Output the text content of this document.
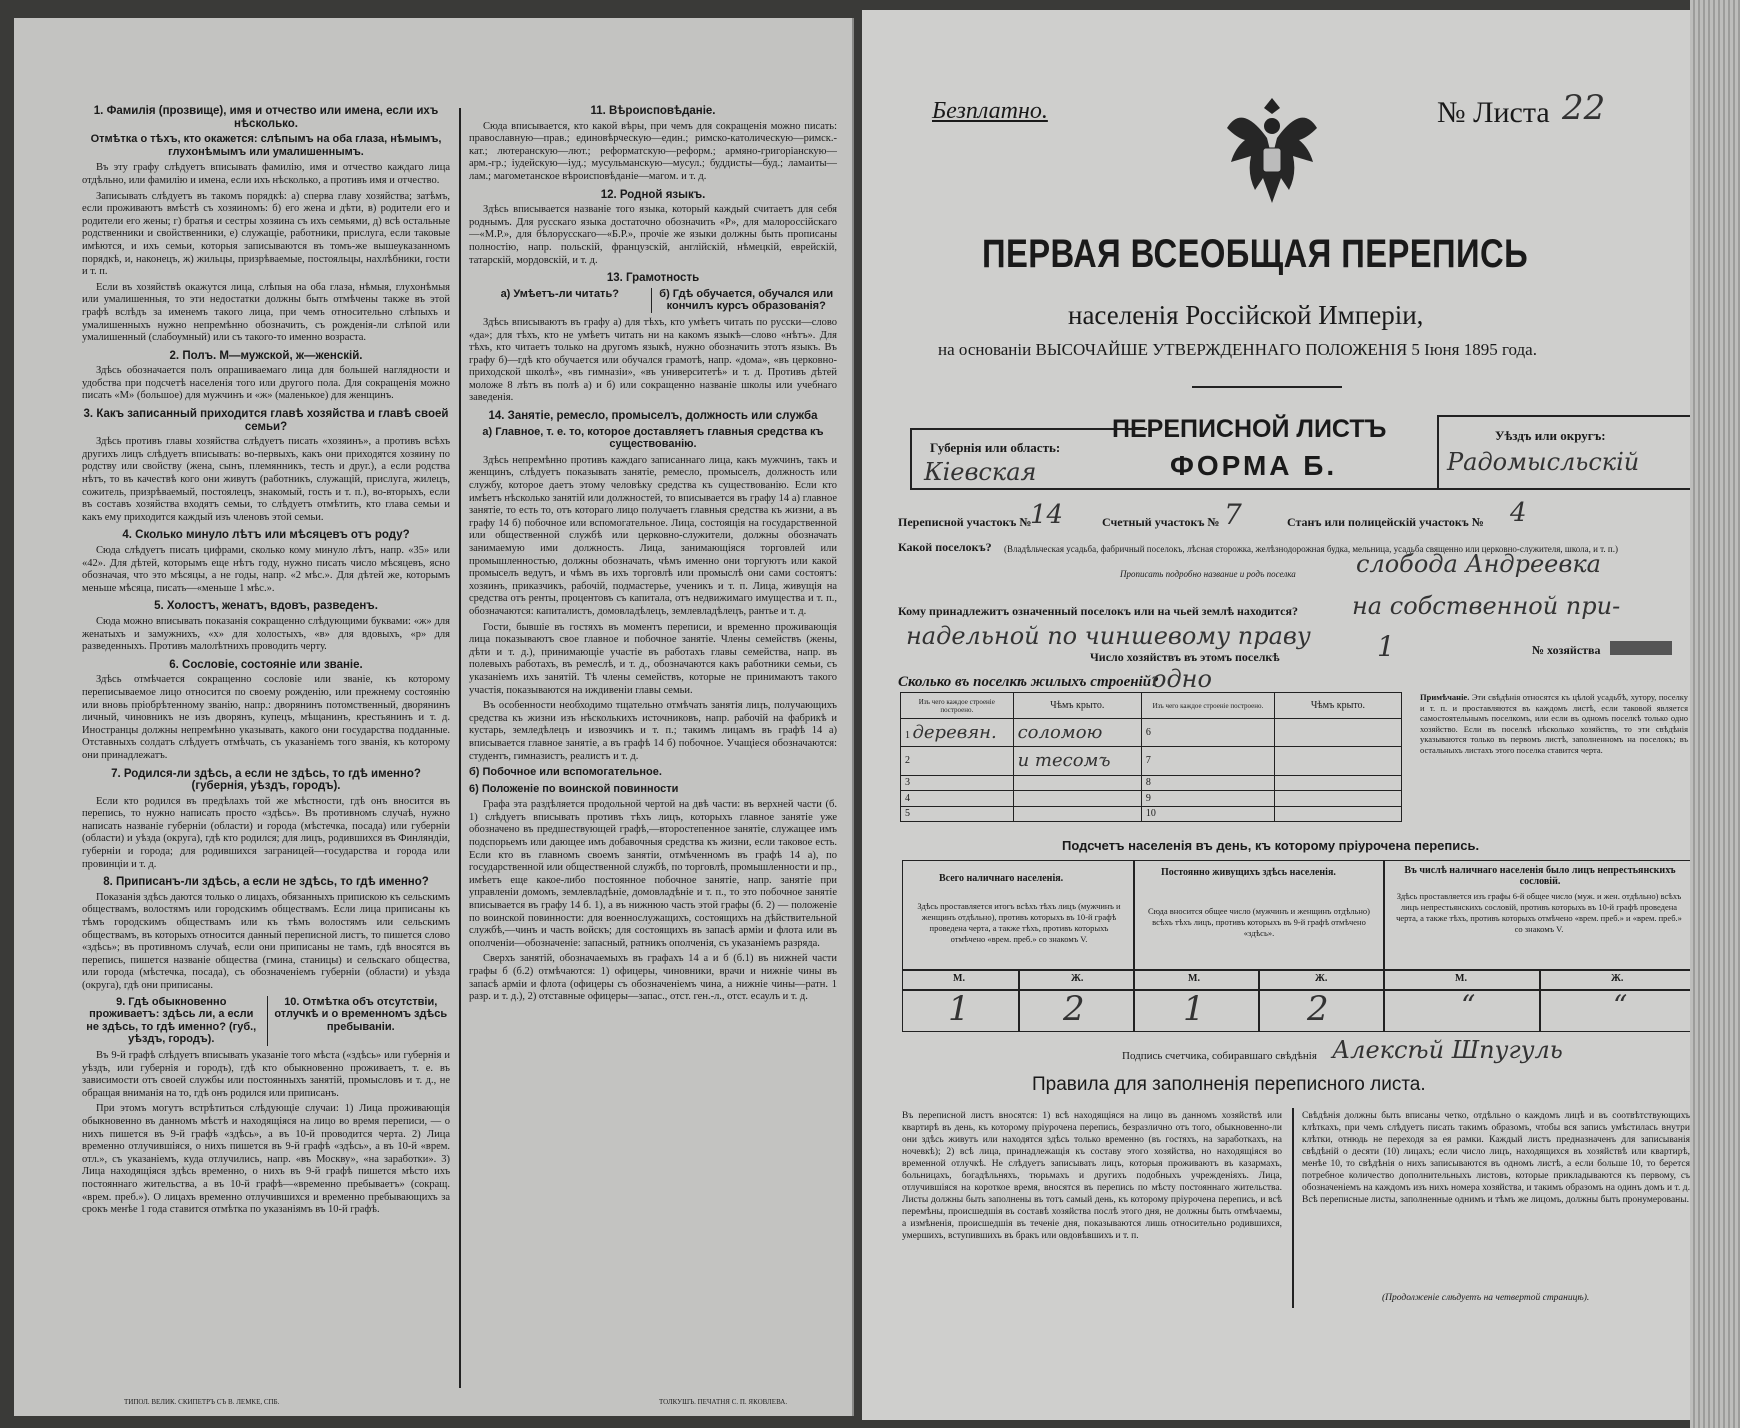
1. Фамилія (прозвище), имя и отчество или имена, если ихъ нѣсколько.
Отмѣтка о тѣхъ, кто окажется: слѣпымъ на оба глаза, нѣмымъ, глухонѣмымъ или умалишеннымъ.

Въ эту графу слѣдуетъ вписывать фамилію, имя и отчество каждаго лица отдѣльно, или фамилію и имена, если ихъ нѣсколько, а противъ имя и отчество.

Записывать слѣдуетъ въ такомъ порядкѣ: а) сперва главу хозяйства; затѣмъ, если проживаютъ вмѣстѣ съ хозяиномъ: б) его жена и дѣти, в) родители его и родители его жены; г) братья и сестры хозяина съ ихъ семьями, д) всѣ остальные родственники и свойственники, е) служащіе, работники, прислуга, если таковые имѣются, и ихъ семьи, которыя записываются въ томъ-же вышеуказанномъ порядкѣ, и, наконецъ, ж) жильцы, призрѣваемые, постояльцы, нахлѣбники, гости и т. п.

Если въ хозяйствѣ окажутся лица, слѣпыя на оба глаза, нѣмыя, глухонѣмыя или умалишенныя, то эти недостатки должны быть отмѣчены также въ этой графѣ вслѣдъ за именемъ такого лица, при чемъ относительно слѣпыхъ и умалишенныхъ нужно непремѣнно обозначить, съ рожденія-ли слѣпой или умалишенный (слабоумный) или съ такого-то именно возраста.

2. Полъ. М—мужской, ж—женскій.

Здѣсь обозначается полъ опрашиваемаго лица для большей наглядности и удобства при подсчетѣ населенія того или другого пола. Для сокращенія можно писать «М» (большое) для мужчинъ и «ж» (маленькое) для женщинъ.

3. Какъ записанный приходится главѣ хозяйства и главѣ своей семьи?

Здѣсь противъ главы хозяйства слѣдуетъ писать «хозяинъ», а противъ всѣхъ другихъ лицъ слѣдуетъ вписывать: во-первыхъ, какъ они приходятся хозяину по родству или свойству (жена, сынъ, племянникъ, тесть и друг.), а если родства нѣтъ, то въ качествѣ кого они живутъ (работникъ, служащій, прислуга, жилецъ, сожитель, призрѣваемый, постоялецъ, знакомый, гость и т. п.), во-вторыхъ, если въ составъ хозяйства входятъ семьи, то слѣдуетъ отмѣтить, кто глава семьи и какъ ему приходится каждый изъ членовъ этой семьи.

4. Сколько минуло лѣтъ или мѣсяцевъ отъ роду?

Сюда слѣдуетъ писать цифрами, сколько кому минуло лѣтъ, напр. «35» или «42». Для дѣтей, которымъ еще нѣтъ году, нужно писать число мѣсяцевъ, ясно обозначая, что это мѣсяцы, а не годы, напр. «2 мѣс.». Для дѣтей же, которымъ меньше мѣсяца, писать—«меньше 1 мѣс.».

5. Холостъ, женатъ, вдовъ, разведенъ.

Сюда можно вписывать показанія сокращенно слѣдующими буквами: «ж» для женатыхъ и замужнихъ, «х» для холостыхъ, «в» для вдовыхъ, «р» для разведенныхъ. Противъ малолѣтнихъ проводить черту.

6. Сословіе, состояніе или званіе.

Здѣсь отмѣчается сокращенно сословіе или званіе, къ которому переписываемое лицо относится по своему рожденію, или прежнему состоянію или вновь пріобрѣтенному званію, напр.: дворянинъ потомственный, дворянинъ личный, чиновникъ не изъ дворянъ, купецъ, мѣщанинъ, крестьянинъ и т. д. Иностранцы должны непремѣнно указывать, какого они государства подданные. Отставныхъ солдатъ слѣдуетъ отмѣчать, съ указаніемъ того званія, къ которому они принадлежатъ.

7. Родился-ли здѣсь, а если не здѣсь, то гдѣ именно? (губернія, уѣздъ, городъ).

Если кто родился въ предѣлахъ той же мѣстности, гдѣ онъ вносится въ перепись, то нужно написать просто «здѣсь». Въ противномъ случаѣ, нужно написать названіе губерніи (области) и города (мѣстечка, посада) или губерніи (области) и уѣзда (округа), гдѣ кто родился; для лицъ, родившихся въ Финляндіи, губерніи и города; для родившихся заграницей—государства и города или провинціи и т. д.

8. Приписанъ-ли здѣсь, а если не здѣсь, то гдѣ именно?

Показанія здѣсь даются только о лицахъ, обязанныхъ припискою къ сельскимъ обществамъ, волостямъ или городскимъ обществамъ. Если лица приписаны къ тѣмъ городскимъ обществамъ или къ тѣмъ волостямъ или сельскимъ обществамъ, въ которыхъ относится данный переписной листъ, то пишется слово «здѣсь»; въ противномъ случаѣ, если они приписаны не тамъ, гдѣ вносятся въ перепись, пишется названіе общества (гмина, станицы) и сельскаго общества, или города (мѣстечка, посада), съ обозначеніемъ губерніи (области) и уѣзда (округа), гдѣ они приписаны.

9. Гдѣ обыкновенно проживаетъ: здѣсь ли, а если не здѣсь, то гдѣ именно? (губ., уѣздъ, городъ).
10. Отмѣтка объ отсутствіи, отлучкѣ и о временномъ здѣсь пребываніи.

Въ 9-й графѣ слѣдуетъ вписывать указаніе того мѣста («здѣсь» или губернія и уѣздъ, или губернія и городъ), гдѣ кто обыкновенно проживаетъ, т. е. въ зависимости отъ своей службы или постоянныхъ занятій, промысловъ и т. д., не обращая вниманія на то, гдѣ онъ родился или приписанъ.

При этомъ могутъ встрѣтиться слѣдующіе случаи: 1) Лица проживающія обыкновенно въ данномъ мѣстѣ и находящіяся на лицо во время переписи, — о нихъ пишется въ 9-й графѣ «здѣсь», а въ 10-й проводится черта. 2) Лица временно отлучившіяся, о нихъ пишется въ 9-й графѣ «здѣсь», а въ 10-й «врем. отл.», съ указаніемъ, куда отлучились, напр. «въ Москву», «на заработки». 3) Лица находящіяся здѣсь временно, о нихъ въ 9-й графѣ пишется мѣсто ихъ постояннаго жительства, а въ 10-й графѣ—«временно пребываетъ» (сокращ. «врем. преб.»). О лицахъ временно отлучившихся и временно пребывающихъ за срокъ менѣе 1 года ставится отмѣтка по указаніямъ въ 10-й графѣ.

11. Вѣроисповѣданіе.

Сюда вписывается, кто какой вѣры, при чемъ для сокращенія можно писать: православную—прав.; единовѣрческую—един.; римско-католическую—римск.-кат.; лютеранскую—лют.; реформатскую—реформ.; армяно-григоріанскую—арм.-гр.; іудейскую—іуд.; мусульманскую—мусул.; буддисты—буд.; ламаиты—лам.; магометанское вѣроисповѣданіе—магом. и т. д.

12. Родной языкъ.

Здѣсь вписывается названіе того языка, который каждый считаетъ для себя роднымъ. Для русскаго языка достаточно обозначить «Р», для малороссійскаго—«М.Р.», для бѣлорусскаго—«Б.Р.», прочіе же языки должны быть прописаны полностію, напр. польскій, французскій, англійскій, нѣмецкій, еврейскій, татарскій, мордовскій, и т. д.

13. Грамотность
а) Умѣетъ-ли читать?	б) Гдѣ обучается, обучался или кончилъ курсъ образованія?

Здѣсь вписываютъ въ графу а) для тѣхъ, кто умѣетъ читать по русски—слово «да»; для тѣхъ, кто не умѣетъ читать ни на какомъ языкѣ—слово «нѣтъ». Для тѣхъ, кто читаетъ только на другомъ языкѣ, нужно обозначить этотъ языкъ. Въ графу б)—гдѣ кто обучается или обучался грамотѣ, напр. «дома», «въ церковно-приходской школѣ», «въ гимназіи», «въ университетѣ» и т. д. Противъ дѣтей моложе 8 лѣтъ въ полѣ а) и б) или сокращенно названіе школы или учебнаго заведенія.

14. Занятіе, ремесло, промыселъ, должность или служба
а) Главное, т. е. то, которое доставляетъ главныя средства къ существованію.

Здѣсь непремѣнно противъ каждаго записаннаго лица, какъ мужчинъ, такъ и женщинъ, слѣдуетъ показывать занятіе, ремесло, промыселъ, должность или службу, которое даетъ этому человѣку средства къ существованію. Если кто имѣетъ нѣсколько занятій или должностей, то вписывается въ графу 14 а) главное занятіе, то есть то, отъ котораго лицо получаетъ главныя средства къ жизни, а въ графу 14 б) побочное или вспомогательное. Лица, состоящія на государственной или общественной службѣ или церковно-служители, должны обозначать занимаемую ими должность. Лица, занимающіяся торговлей или промышленностью, должны обозначать, чѣмъ именно они торгуютъ или какой промыселъ ведутъ, и чѣмъ въ ихъ торговлѣ или промыслѣ они сами состоятъ: хозяинъ, приказчикъ, рабочій, подмастерье, ученикъ и т. п. Лица, живущія на средства отъ ренты, процентовъ съ капитала, отъ недвижимаго имущества и т. п., обозначаются: капиталистъ, домовладѣлецъ, землевладѣлецъ, рантье и т. д.

Гости, бывшіе въ гостяхъ въ моментъ переписи, и временно проживающія лица показываютъ свое главное и побочное занятіе. Члены семействъ (жены, дѣти и т. д.), принимающіе участіе въ работахъ главы семейства, напр. въ полевыхъ работахъ, въ ремеслѣ, и т. д., обозначаются какъ работники семьи, съ указаніемъ ихъ занятій. Тѣ члены семействъ, которые не принимаютъ такого участія, показываются на иждивеніи главы семьи.

Въ особенности необходимо тщательно отмѣчать занятія лицъ, получающихъ средства къ жизни изъ нѣсколькихъ источниковъ, напр. рабочій на фабрикѣ и кустарь, земледѣлецъ и извозчикъ и т. п.; такимъ лицамъ въ графѣ 14 а) вписывается главное занятіе, а въ графѣ 14 б) побочное. Учащіеся обозначаются: студентъ, гимназистъ, реалистъ и т. д.

б) Побочное или вспомогательное.
6) Положеніе по воинской повинности

Графа эта раздѣляется продольной чертой на двѣ части: въ верхней части (б. 1) слѣдуетъ вписывать противъ тѣхъ лицъ, которыхъ главное занятіе уже обозначено въ предшествующей графѣ,—второстепенное занятіе, служащее имъ подспорьемъ или дающее имъ добавочныя средства къ жизни, если таковое есть. Если кто въ главномъ своемъ занятіи, отмѣченномъ въ графѣ 14 а), по государственной или общественной службѣ, по торговлѣ, промышленности и пр., имѣетъ еще какое-либо постоянное побочное занятіе, напр. занятіе при управленіи домомъ, землевладѣніе, домовладѣніе и т. п., то это побочное занятіе вписывается въ графу 14 б. 1), а въ нижнюю часть этой графы (б. 2) — положеніе по воинской повинности: для военнослужащихъ, состоящихъ на дѣйствительной службѣ,—чинъ и часть войскъ; для состоящихъ въ запасѣ армiи и флота или въ ополченіи—обозначеніе: запасный, ратникъ ополченія, съ указаніемъ разряда.

Сверхъ занятій, обозначаемыхъ въ графахъ 14 а и б (б.1) въ нижней части графы б (б.2) отмѣчаются: 1) офицеры, чиновники, врачи и нижніе чины въ запасѣ армiи и флота (офицеры съ обозначеніемъ чина, а нижніе чины—ратн. 1 разр. и т. д.), 2) отставные офицеры—запас., отст. ген.-л., отст. есаулъ и т. д.

ТИПОЛ. ВЕЛИК. СКИПЕТРЪ СЪ В. ЛЕМКЕ, СПБ.	ТОЛКУШЪ. ПЕЧАТНЯ С. П. ЯКОВЛЕВА.
Безплатно.	№ Листа 22
ПЕРВАЯ ВСЕОБЩАЯ ПЕРЕПИСЬ
населенія Россійской Имперіи,
на основаніи ВЫСОЧАЙШЕ УТВЕРЖДЕННАГО ПОЛОЖЕНІЯ 5 Іюня 1895 года.
Губернія или область:
Кіевская
ПЕРЕПИСНОЙ ЛИСТЪ
ФОРМА Б.
Уѣздъ или округъ:
Радомысльскій
Переписной участокъ №
14	Счетный участокъ № 7	Станъ или полицейскій участокъ № 4
Какой поселокъ? (Владѣльческая усадьба, фабричный поселокъ, лѣсная сторожка, желѣзнодорожная будка, мельница, усадьба священно или церковно-служителя, школа, и т. п.)
Прописать подробно название и родъ поселка	слобода Андреевка
Кому принадлежитъ означенный поселокъ или на чьей землѣ находится? на собственной при-
надельной по чиншевому праву
Число хозяйствъ въ этомъ поселкѣ	1	№ хозяйства
Сколько въ поселкѣ жилыхъ строеній?
одно
Изъ чего каждое строеніе построено.	Чѣмъ крыто.	Изъ чего каждое строеніе построено.	Чѣмъ крыто.
1 деревян.	соломою	6	
2	и тесомъ	7	
3		8	
4		9	
5		10	
Примѣчаніе. Эти свѣдѣнія относятся къ цѣлой усадьбѣ, хутору, поселку и т. п. и проставляются въ каждомъ листѣ, если таковой является самостоятельнымъ поселкомъ, или если въ одномъ поселкѣ только одно хозяйство. Если въ поселкѣ нѣсколько хозяйствъ, то эти свѣдѣнія указываются только въ первомъ листѣ, заполненномъ на поселокъ; въ остальныхъ листахъ этого поселка ставится черта.
Подсчетъ населенія въ день, къ которому пріурочена перепись.
Всего наличнаго населенія.
Здѣсь проставляется итогъ всѣхъ тѣхъ лицъ (мужчинъ и женщинъ отдѣльно), противъ которыхъ въ 10-й графѣ проведена черта, а также тѣхъ, противъ которыхъ отмѣчено «врем. преб.» со знакомъ V.
Постоянно живущихъ здѣсь населенія.
Сюда вносится общее число (мужчинъ и женщинъ отдѣльно) всѣхъ тѣхъ лицъ, противъ которыхъ въ 9-й графѣ отмѣчено «здѣсь».
Въ числѣ наличнаго населенія было лицъ непрестьянскихъ сословій.
Здѣсь проставляется изъ графы 6-й общее число (муж. и жен. отдѣльно) всѣхъ лицъ непрестьянскихъ сословій, противъ которыхъ въ 10-й графѣ проведена черта, а также тѣхъ, противъ которыхъ отмѣчено «врем. преб.» и «врем. преб.» со знакомъ V.
М.	Ж.	М.	Ж.	М.	Ж.
1	2	1	2	“	“
Подпись счетчика, собиравшаго свѣдѣнія Алексѣй Шпугуль
Правила для заполненія переписного листа.
Въ переписной листъ вносятся: 1) всѣ находящіяся на лицо въ данномъ хозяйствѣ или квартирѣ въ день, къ которому пріурочена перепись, безразлично отъ того, обыкновенно-ли они здѣсь живутъ или находятся здѣсь только временно (въ гостяхъ, на заработкахъ, на ночевкѣ); 2) всѣ лица, принадлежащія къ составу этого хозяйства, но находящіяся во временной отлучкѣ. Не слѣдуетъ записывать лицъ, которыя проживаютъ въ казармахъ, больницахъ, богадѣльняхъ, тюрьмахъ и другихъ подобныхъ учрежденіяхъ. Лица, отлучившіяся на короткое время, вносятся въ перепись по мѣсту постояннаго жительства. Листы должны быть заполнены въ тотъ самый день, къ которому пріурочена перепись, и всѣ перемѣны, происшедшія въ составѣ хозяйства послѣ этого дня, не должны быть отмѣчаемы, а измѣненія, происшедшія въ теченіе дня, показываются лишь относительно родившихся, умершихъ, вступившихъ въ бракъ или овдовѣвшихъ и т. п.
Свѣдѣнія должны быть вписаны четко, отдѣльно о каждомъ лицѣ и въ соотвѣтствующихъ клѣткахъ, при чемъ слѣдуетъ писать такимъ образомъ, чтобы вся запись умѣстилась внутри клѣтки, отнюдь не переходя за ея рамки. Каждый листъ предназначенъ для записыванія свѣдѣній о десяти (10) лицахъ; если число лицъ, находящихся въ хозяйствѣ или квартирѣ, менѣе 10, то свѣдѣнія о нихъ записываются въ одномъ листѣ, а если больше 10, то берется потребное количество дополнительныхъ листовъ, которые прикладываются къ первому, съ обозначеніемъ на каждомъ изъ нихъ номера хозяйства, и такимъ образомъ на одинъ домъ и т. д. Всѣ переписные листы, заполненные однимъ и тѣмъ же лицомъ, должны быть пронумерованы.
(Продолженіе слѣдуетъ на четвертой страницѣ).
